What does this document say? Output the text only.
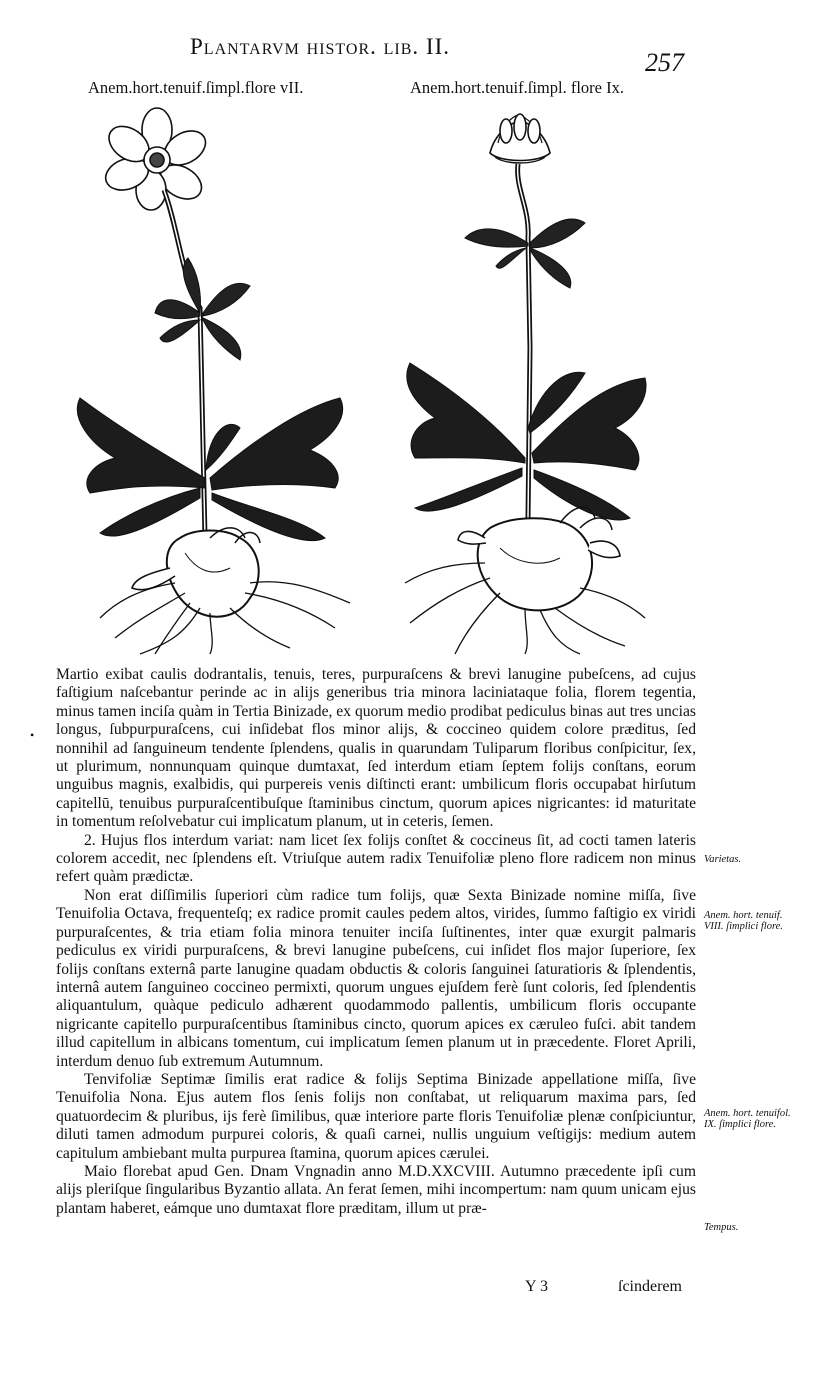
Plantarvm histor. lib. II.
257
Anem.hort.tenuif.ſimpl.flore vII.	Anem.hort.tenuif.ſimpl. flore Ix.
•

Martio exibat caulis dodrantalis, tenuis, teres, purpuraſcens & brevi lanugine pubeſcens, ad cujus faſtigium naſcebantur perinde ac in alijs generibus tria minora laciniataque folia, florem tegentia, minus tamen inciſa quàm in Tertia Binizade, ex quorum medio prodibat pediculus binas aut tres uncias longus, ſubpurpuraſcens, cui inſidebat flos minor alijs, & coccineo quidem colore præditus, ſed nonnihil ad ſanguineum tendente ſplendens, qualis in quarundam Tuliparum floribus conſpicitur, ſex, ut plurimum, nonnunquam quinque dumtaxat, ſed interdum etiam ſeptem folijs conſtans, eorum unguibus magnis, exalbidis, qui purpereis venis diſtincti erant: umbilicum floris occupabat hirſutum capitellū, tenuibus purpuraſcentibuſque ſtaminibus cinctum, quorum apices nigricantes: id maturitate in tomentum reſolvebatur cui implicatum planum, ut in ceteris, ſemen.

2. Hujus flos interdum variat: nam licet ſex folijs conſtet & coccineus ſit, ad cocti tamen lateris colorem accedit, nec ſplendens eſt. Vtriuſque autem radix Tenuifoliæ pleno flore radicem non minus refert quàm prædictæ.

Non erat diſſimilis ſuperiori cùm radice tum folijs, quæ Sexta Binizade nomine miſſa, ſive Tenuifolia Octava, frequenteſq; ex radice promit caules pedem altos, virides, ſummo faſtigio ex viridi purpuraſcentes, & tria etiam folia minora tenuiter inciſa ſuſtinentes, inter quæ exurgit palmaris pediculus ex viridi purpuraſcens, & brevi lanugine pubeſcens, cui inſidet flos major ſuperiore, ſex folijs conſtans externâ parte lanugine quadam obductis & coloris ſanguinei ſaturatioris & ſplendentis, internâ autem ſanguineo coccineo permixti, quorum ungues ejuſdem ferè ſunt coloris, ſed ſplendentis aliquantulum, quàque pediculo adhærent quodammodo pallentis, umbilicum floris occupante nigricante capitello purpuraſcentibus ſtaminibus cincto, quorum apices ex cæruleo fuſci. abit tandem illud capitellum in albicans tomentum, cui implicatum ſemen planum ut in præcedente. Floret Aprili, interdum denuo ſub extremum Autumnum.

Tenvifoliæ Septimæ ſimilis erat radice & folijs Septima Binizade appellatione miſſa, ſive Tenuifolia Nona. Ejus autem flos ſenis folijs non conſtabat, ut reliquarum maxima pars, ſed quatuordecim & pluribus, ijs ferè ſimilibus, quæ interiore parte floris Tenuifoliæ plenæ conſpiciuntur, diluti tamen admodum purpurei coloris, & quaſi carnei, nullis unguium veſtigijs: medium autem capitulum ambiebant multa purpurea ſtamina, quorum apices cærulei.

Maio florebat apud Gen. Dnam Vngnadin anno M.D.XXCVIII. Autumno præcedente ipſi cum alijs pleriſque ſingularibus Byzantio allata. An ferat ſemen, mihi incompertum: nam quum unicam ejus plantam haberet, eámque uno dumtaxat flore præditam, illum ut præ-

Varietas.
Anem. hort. tenuif. VIII. ſimplici flore.
Anem. hort. tenuifol. IX. ſimplici flore.
Tempus.
Y 3	ſcinderem
